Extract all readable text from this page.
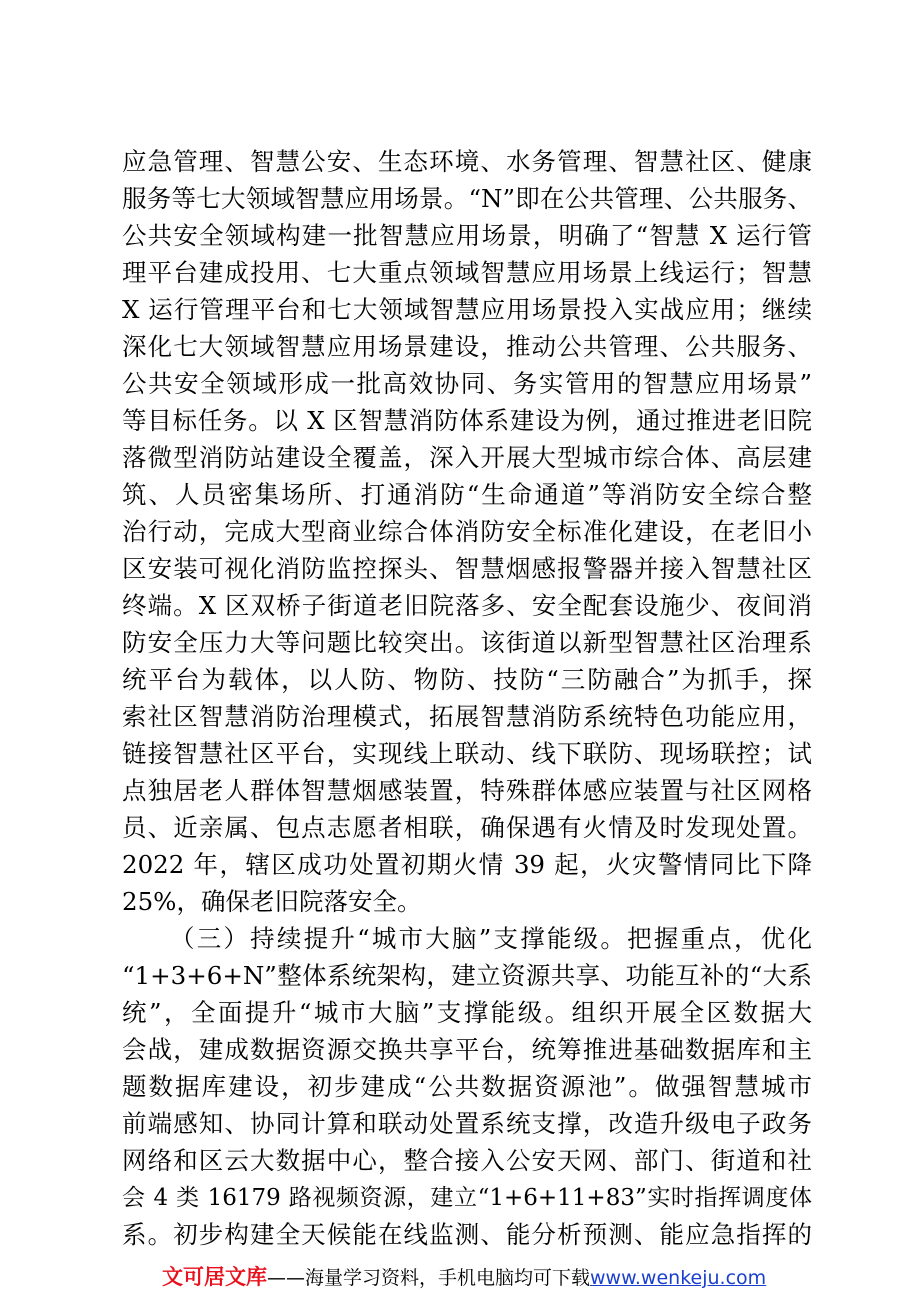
应急管理、智慧公安、生态环境、水务管理、智慧社区、健康
服务等七大领域智慧应用场景。“N”即在公共管理、公共服务、
公共安全领域构建一批智慧应用场景，明确了“智慧 X 运行管
理平台建成投用、七大重点领域智慧应用场景上线运行；智慧
X 运行管理平台和七大领域智慧应用场景投入实战应用；继续
深化七大领域智慧应用场景建设，推动公共管理、公共服务、
公共安全领域形成一批高效协同、务实管用的智慧应用场景”
等目标任务。以 X 区智慧消防体系建设为例，通过推进老旧院
落微型消防站建设全覆盖，深入开展大型城市综合体、高层建
筑、人员密集场所、打通消防“生命通道”等消防安全综合整
治行动，完成大型商业综合体消防安全标准化建设，在老旧小
区安装可视化消防监控探头、智慧烟感报警器并接入智慧社区
终端。X 区双桥子街道老旧院落多、安全配套设施少、夜间消
防安全压力大等问题比较突出。该街道以新型智慧社区治理系
统平台为载体，以人防、物防、技防“三防融合”为抓手，探
索社区智慧消防治理模式，拓展智慧消防系统特色功能应用，
链接智慧社区平台，实现线上联动、线下联防、现场联控；试
点独居老人群体智慧烟感装置，特殊群体感应装置与社区网格
员、近亲属、包点志愿者相联，确保遇有火情及时发现处置。
2022 年，辖区成功处置初期火情 39 起，火灾警情同比下降
25%，确保老旧院落安全。
（三）持续提升“城市大脑”支撑能级。把握重点，优化
“1+3+6+N”整体系统架构，建立资源共享、功能互补的“大系
统”，全面提升“城市大脑”支撑能级。组织开展全区数据大
会战，建成数据资源交换共享平台，统筹推进基础数据库和主
题数据库建设，初步建成“公共数据资源池”。做强智慧城市
前端感知、协同计算和联动处置系统支撑，改造升级电子政务
网络和区云大数据中心，整合接入公安天网、部门、街道和社
会 4 类 16179 路视频资源，建立“1+6+11+83”实时指挥调度体
系。初步构建全天候能在线监测、能分析预测、能应急指挥的
文可居文库——海量学习资料，手机电脑均可下载www.wenkeju.com
